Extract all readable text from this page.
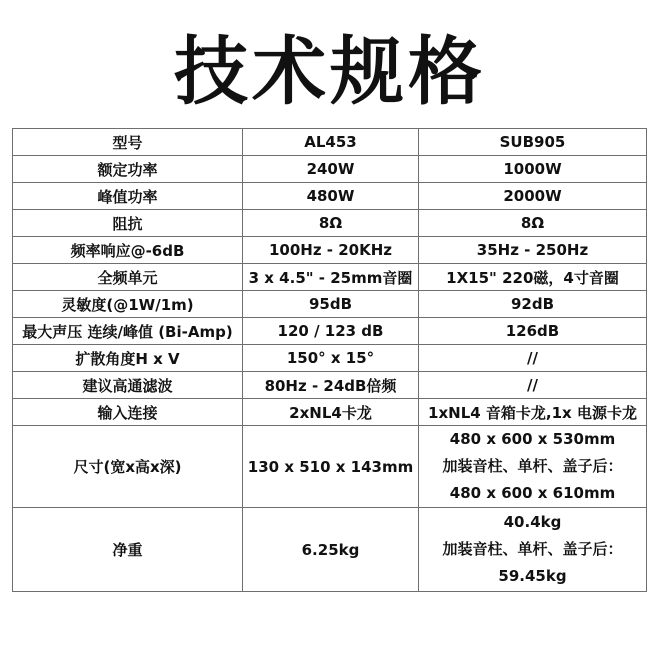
技术规格
型号	AL453	SUB905
额定功率	240W	1000W
峰值功率	480W	2000W
阻抗	8Ω	8Ω
频率响应@-6dB	100Hz - 20KHz	35Hz - 250Hz
全频单元	3 x 4.5" - 25mm音圈	1X15" 220磁，4寸音圈
灵敏度(@1W/1m)	95dB	92dB
最大声压 连续/峰值 (Bi-Amp)	120 / 123 dB	126dB
扩散角度H x V	150° x 15°	//
建议高通滤波	80Hz - 24dB倍频	//
输入连接	2xNL4卡龙	1xNL4 音箱卡龙,1x 电源卡龙
尺寸(宽x高x深)	130 x 510 x 143mm	480 x 600 x 530mm
加装音柱、单杆、盖子后：
480 x 600 x 610mm

净重	6.25kg	40.4kg
加装音柱、单杆、盖子后：
59.45kg
